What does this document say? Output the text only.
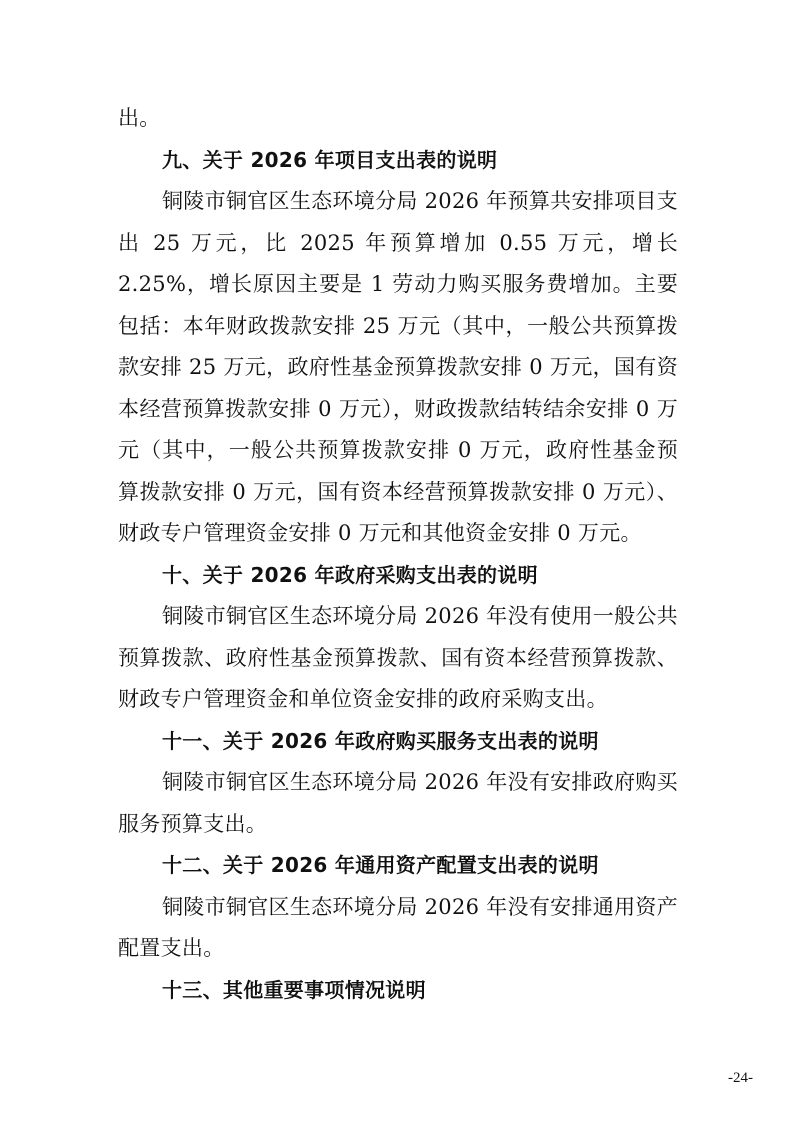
出。

九、关于 2026 年项目支出表的说明

铜陵市铜官区生态环境分局 2026 年预算共安排项目支出 25 万元，比 2025 年预算增加 0.55 万元，增长 2.25%，增长原因主要是 1 劳动力购买服务费增加。主要包括：本年财政拨款安排 25 万元（其中，一般公共预算拨款安排 25 万元，政府性基金预算拨款安排 0 万元，国有资本经营预算拨款安排 0 万元），财政拨款结转结余安排 0 万元（其中，一般公共预算拨款安排 0 万元，政府性基金预算拨款安排 0 万元，国有资本经营预算拨款安排 0 万元）、财政专户管理资金安排 0 万元和其他资金安排 0 万元。

十、关于 2026 年政府采购支出表的说明

铜陵市铜官区生态环境分局 2026 年没有使用一般公共预算拨款、政府性基金预算拨款、国有资本经营预算拨款、财政专户管理资金和单位资金安排的政府采购支出。

十一、关于 2026 年政府购买服务支出表的说明

铜陵市铜官区生态环境分局 2026 年没有安排政府购买服务预算支出。

十二、关于 2026 年通用资产配置支出表的说明

铜陵市铜官区生态环境分局 2026 年没有安排通用资产配置支出。

十三、其他重要事项情况说明

-24-
